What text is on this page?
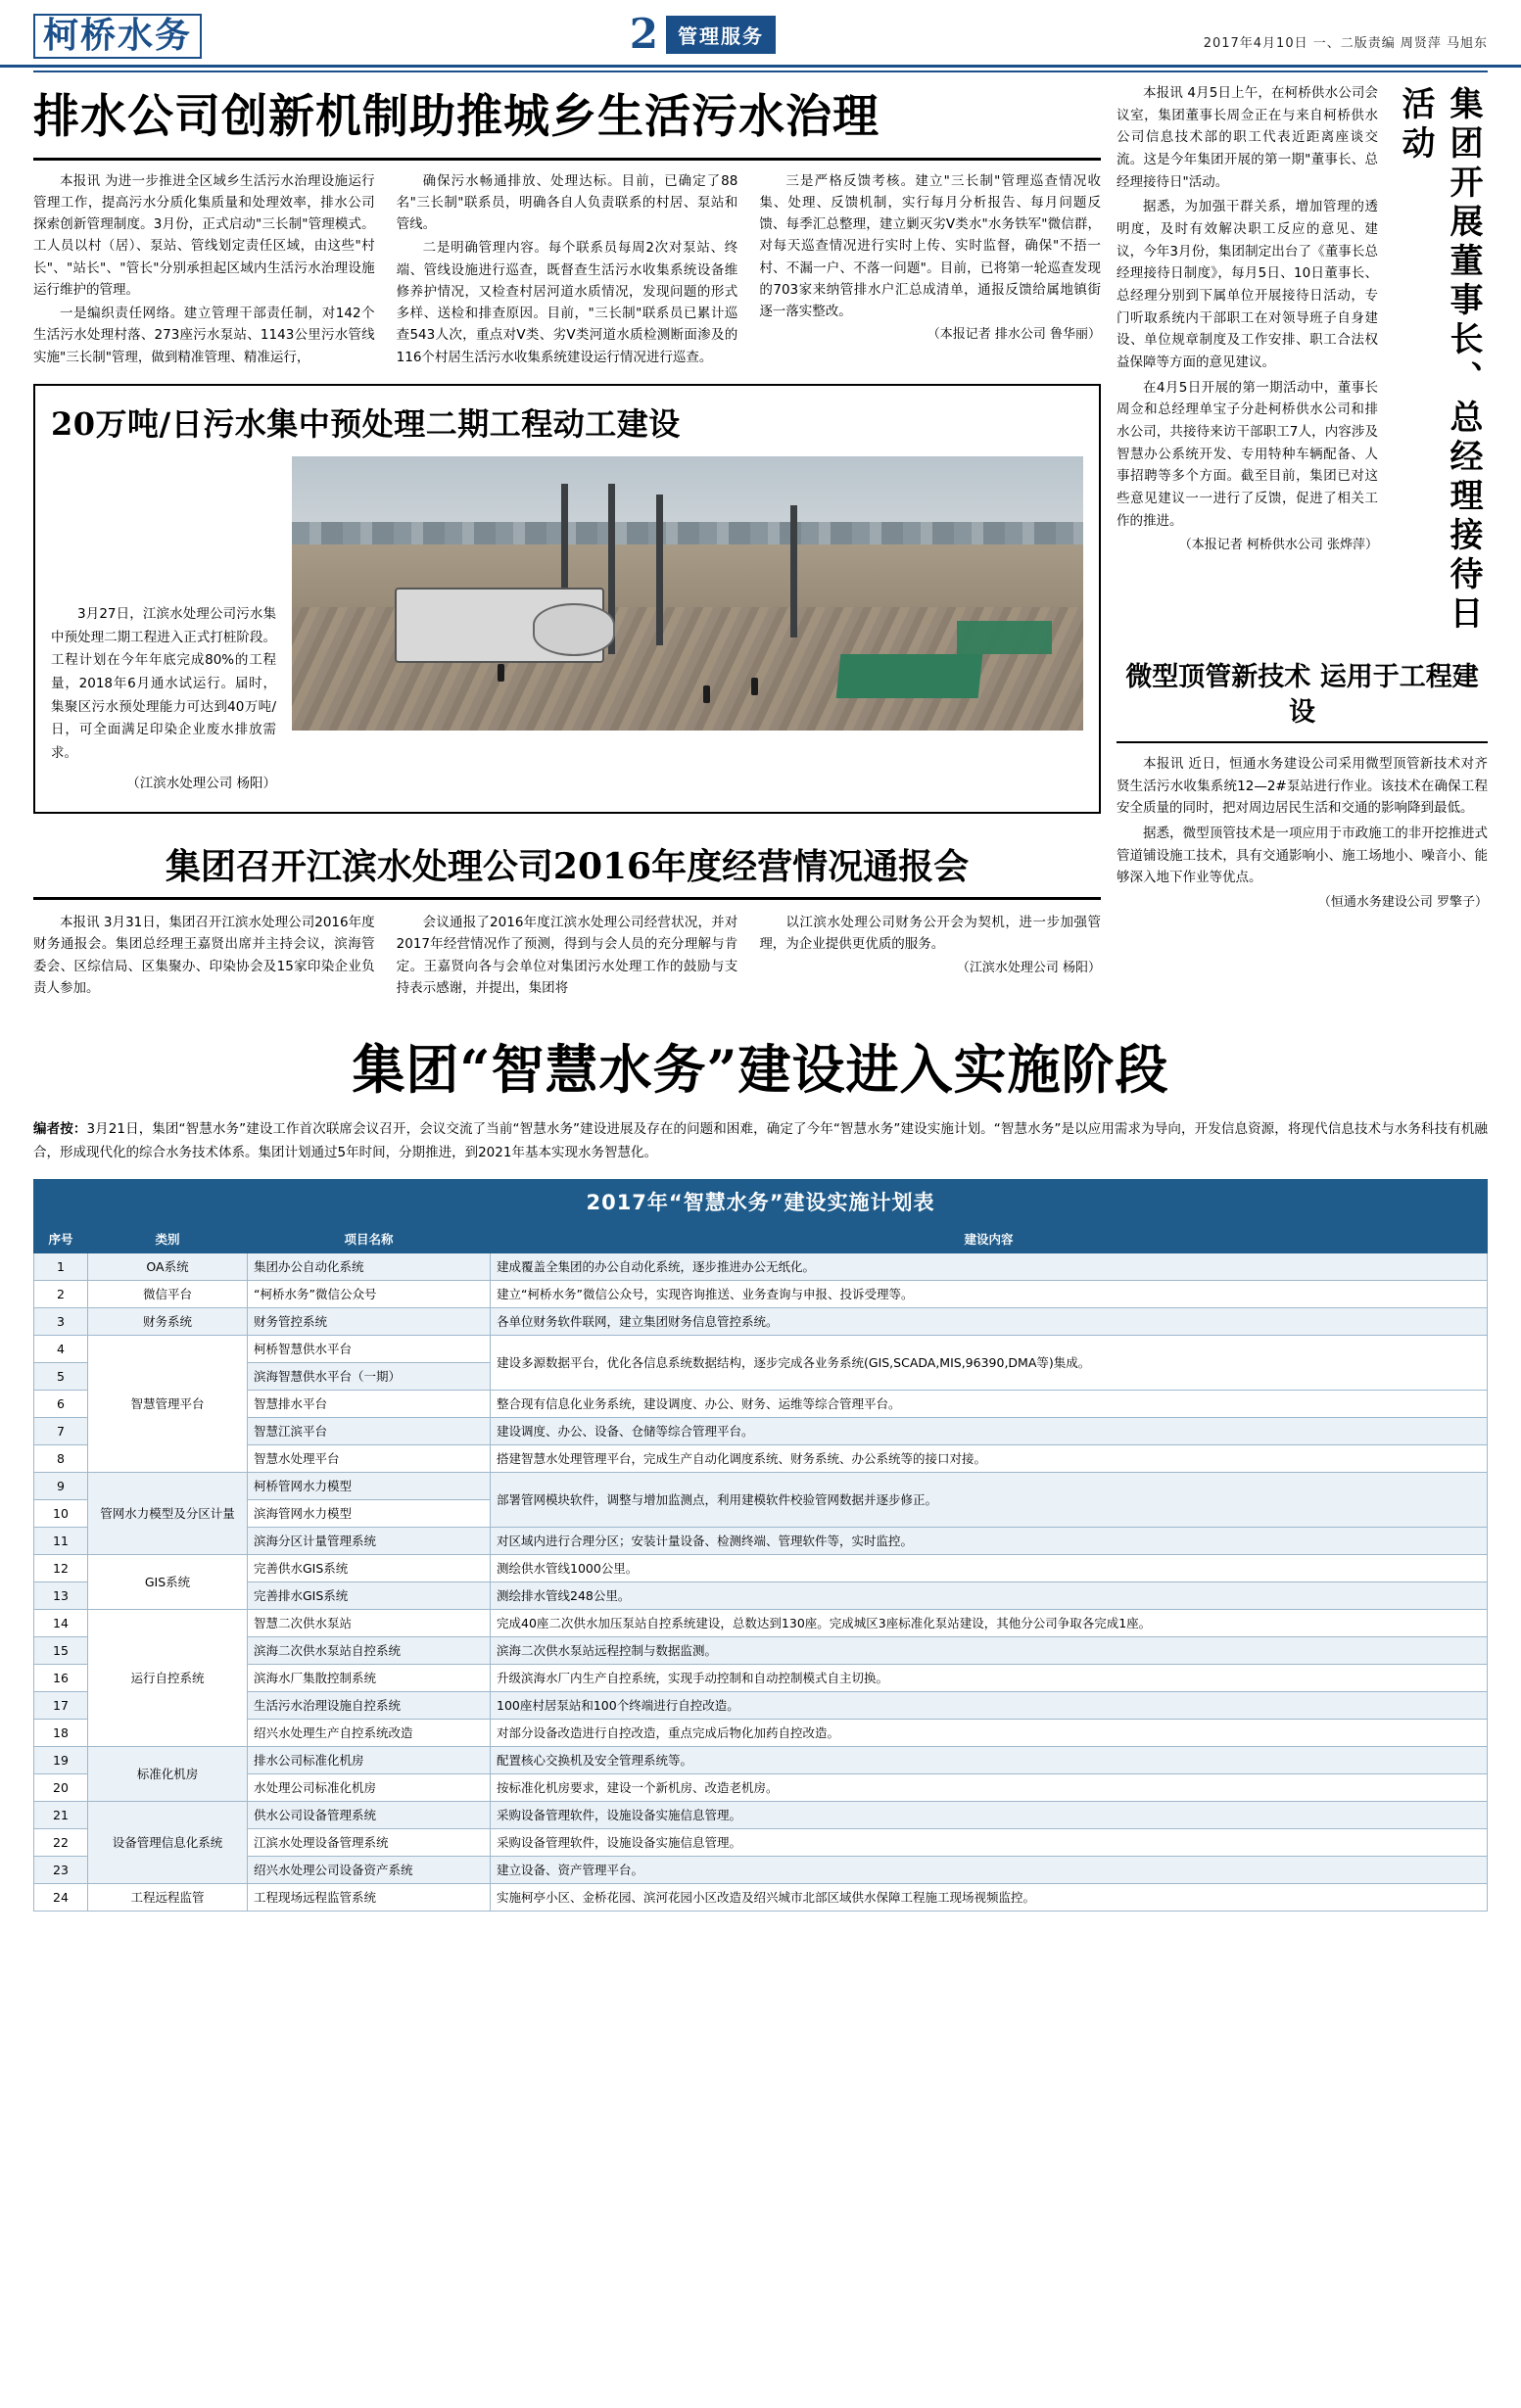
柯桥水务	2	管理服务	2017年4月10日 一、二版责编 周贤萍 马旭东
排水公司创新机制助推城乡生活污水治理

本报讯 为进一步推进全区域乡生活污水治理设施运行管理工作，提高污水分质化集质量和处理效率，排水公司探索创新管理制度。3月份，正式启动"三长制"管理模式。工人员以村（居）、泵站、管线划定责任区域，由这些"村长"、"站长"、"管长"分别承担起区域内生活污水治理设施运行维护的管理。

一是编织责任网络。建立管理干部责任制，对142个生活污水处理村落、273座污水泵站、1143公里污水管线实施"三长制"管理，做到精准管理、精准运行，

确保污水畅通排放、处理达标。目前，已确定了88名"三长制"联系员，明确各自人负责联系的村居、泵站和管线。

二是明确管理内容。每个联系员每周2次对泵站、终端、管线设施进行巡查，既督查生活污水收集系统设备维修养护情况，又检查村居河道水质情况，发现问题的形式多样、送检和排查原因。目前，"三长制"联系员已累计巡查543人次，重点对V类、劣V类河道水质检测断面渗及的116个村居生活污水收集系统建设运行情况进行巡查。

三是严格反馈考核。建立"三长制"管理巡查情况收集、处理、反馈机制，实行每月分析报告、每月问题反馈、每季汇总整理，建立剿灭劣V类水"水务铁军"微信群，对每天巡查情况进行实时上传、实时监督，确保"不捂一村、不漏一户、不落一问题"。目前，已将第一轮巡查发现的703家来纳管排水户汇总成清单，通报反馈给属地镇街逐一落实整改。

（本报记者 排水公司 鲁华丽）

20万吨/日污水集中预处理二期工程动工建设

3月27日，江滨水处理公司污水集中预处理二期工程进入正式打桩阶段。工程计划在今年年底完成80%的工程量，2018年6月通水试运行。届时，集聚区污水预处理能力可达到40万吨/日，可全面满足印染企业废水排放需求。

（江滨水处理公司 杨阳）

集团召开江滨水处理公司2016年度经营情况通报会

本报讯 3月31日，集团召开江滨水处理公司2016年度财务通报会。集团总经理王嘉贤出席并主持会议，滨海管委会、区综信局、区集聚办、印染协会及15家印染企业负责人参加。

会议通报了2016年度江滨水处理公司经营状况，并对2017年经营情况作了预测，得到与会人员的充分理解与肯定。王嘉贤向各与会单位对集团污水处理工作的鼓励与支持表示感谢，并提出，集团将

以江滨水处理公司财务公开会为契机，进一步加强管理，为企业提供更优质的服务。

（江滨水处理公司 杨阳）

集团开展董事长、总经理接待日活动

本报讯 4月5日上午，在柯桥供水公司会议室，集团董事长周佥正在与来自柯桥供水公司信息技术部的职工代表近距离座谈交流。这是今年集团开展的第一期"董事长、总经理接待日"活动。

据悉，为加强干群关系，增加管理的透明度，及时有效解决职工反应的意见、建议，今年3月份，集团制定出台了《董事长总经理接待日制度》，每月5日、10日董事长、总经理分别到下属单位开展接待日活动，专门听取系统内干部职工在对领导班子自身建设、单位规章制度及工作安排、职工合法权益保障等方面的意见建议。

在4月5日开展的第一期活动中，董事长周佥和总经理单宝子分赴柯桥供水公司和排水公司，共接待来访干部职工7人，内容涉及智慧办公系统开发、专用特种车辆配备、人事招聘等多个方面。截至目前，集团已对这些意见建议一一进行了反馈，促进了相关工作的推进。

（本报记者 柯桥供水公司 张烨萍）

微型顶管新技术 运用于工程建设

本报讯 近日，恒通水务建设公司采用微型顶管新技术对齐贤生活污水收集系统12—2#泵站进行作业。该技术在确保工程安全质量的同时，把对周边居民生活和交通的影响降到最低。

据悉，微型顶管技术是一项应用于市政施工的非开挖推进式管道铺设施工技术，具有交通影响小、施工场地小、噪音小、能够深入地下作业等优点。

（恒通水务建设公司 罗擎子）

集团“智慧水务”建设进入实施阶段
编者按：3月21日，集团“智慧水务”建设工作首次联席会议召开，会议交流了当前“智慧水务”建设进展及存在的问题和困难，确定了今年“智慧水务”建设实施计划。“智慧水务”是以应用需求为导向，开发信息资源，将现代信息技术与水务科技有机融合，形成现代化的综合水务技术体系。集团计划通过5年时间，分期推进，到2021年基本实现水务智慧化。
2017年“智慧水务”建设实施计划表
序号	类别	项目名称	建设内容
1	OA系统	集团办公自动化系统	建成覆盖全集团的办公自动化系统，逐步推进办公无纸化。
2	微信平台	“柯桥水务”微信公众号	建立“柯桥水务”微信公众号，实现咨询推送、业务查询与申报、投诉受理等。
3	财务系统	财务管控系统	各单位财务软件联网，建立集团财务信息管控系统。
4	智慧管理平台	柯桥智慧供水平台	建设多源数据平台，优化各信息系统数据结构，逐步完成各业务系统(GIS,SCADA,MIS,96390,DMA等)集成。
5		滨海智慧供水平台（一期）	
6		智慧排水平台	整合现有信息化业务系统，建设调度、办公、财务、运维等综合管理平台。
7		智慧江滨平台	建设调度、办公、设备、仓储等综合管理平台。
8		智慧水处理平台	搭建智慧水处理管理平台，完成生产自动化调度系统、财务系统、办公系统等的接口对接。
9	管网水力模型及分区计量	柯桥管网水力模型	部署管网模块软件，调整与增加监测点，利用建模软件校验管网数据并逐步修正。
10		滨海管网水力模型	
11		滨海分区计量管理系统	对区域内进行合理分区；安装计量设备、检测终端、管理软件等，实时监控。
12	GIS系统	完善供水GIS系统	测绘供水管线1000公里。
13		完善排水GIS系统	测绘排水管线248公里。
14	运行自控系统	智慧二次供水泵站	完成40座二次供水加压泵站自控系统建设，总数达到130座。完成城区3座标准化泵站建设，其他分公司争取各完成1座。
15		滨海二次供水泵站自控系统	滨海二次供水泵站远程控制与数据监测。
16		滨海水厂集散控制系统	升级滨海水厂内生产自控系统，实现手动控制和自动控制模式自主切换。
17		生活污水治理设施自控系统	100座村居泵站和100个终端进行自控改造。
18		绍兴水处理生产自控系统改造	对部分设备改造进行自控改造，重点完成后物化加药自控改造。
19	标准化机房	排水公司标准化机房	配置核心交换机及安全管理系统等。
20		水处理公司标准化机房	按标准化机房要求，建设一个新机房、改造老机房。
21	设备管理信息化系统	供水公司设备管理系统	采购设备管理软件，设施设备实施信息管理。
22		江滨水处理设备管理系统	采购设备管理软件，设施设备实施信息管理。
23		绍兴水处理公司设备资产系统	建立设备、资产管理平台。
24	工程远程监管	工程现场远程监管系统	实施柯亭小区、金桥花园、滨河花园小区改造及绍兴城市北部区域供水保障工程施工现场视频监控。
